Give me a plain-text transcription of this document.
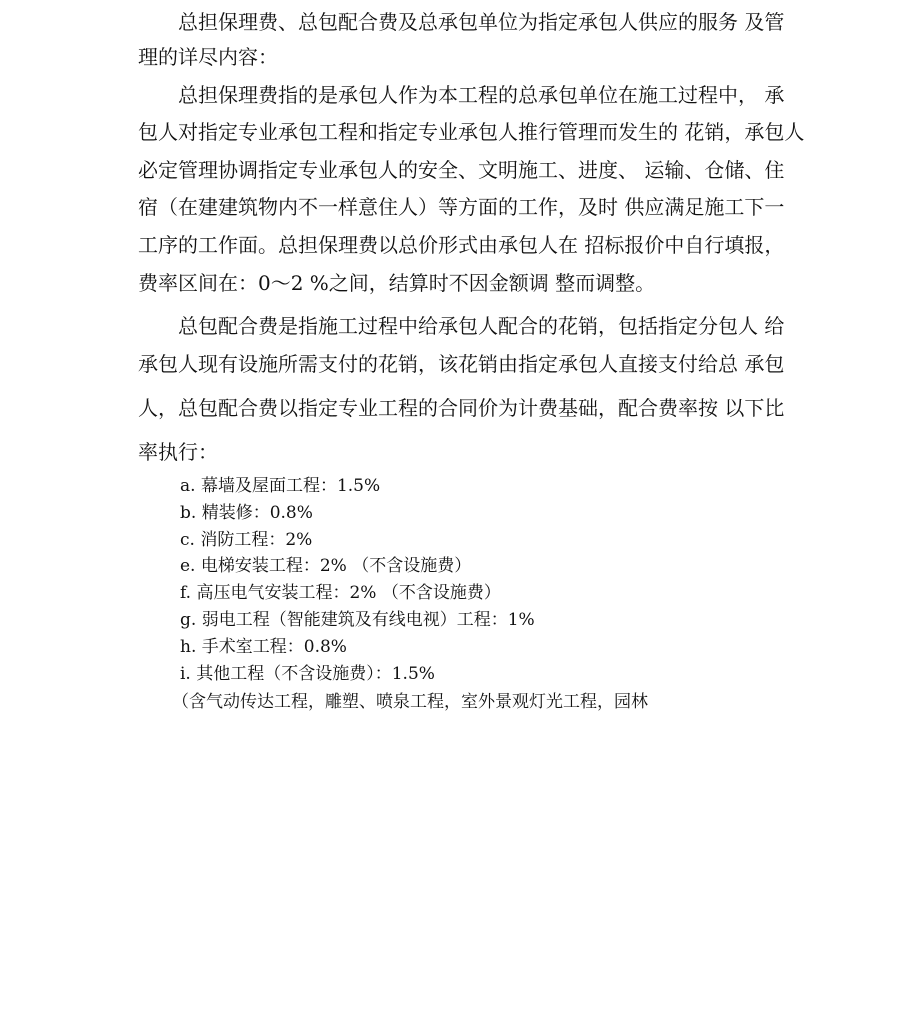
总担保理费、总包配合费及总承包单位为指定承包人供应的服务 及管
理的详尽内容：
总担保理费指的是承包人作为本工程的总承包单位在施工过程中， 承
包人对指定专业承包工程和指定专业承包人推行管理而发生的 花销，承包人
必定管理协调指定专业承包人的安全、文明施工、进度、 运输、仓储、住
宿（在建建筑物内不一样意住人）等方面的工作，及时 供应满足施工下一
工序的工作面。总担保理费以总价形式由承包人在 招标报价中自行填报，
费率区间在：0～2 %之间，结算时不因金额调 整而调整。
总包配合费是指施工过程中给承包人配合的花销，包括指定分包人 给
承包人现有设施所需支付的花销，该花销由指定承包人直接支付给总 承包
人，总包配合费以指定专业工程的合同价为计费基础，配合费率按 以下比
率执行：
a. 幕墙及屋面工程：1.5%
b. 精装修：0.8%
c. 消防工程：2%
e. 电梯安装工程：2% （不含设施费）
f. 高压电气安装工程：2% （不含设施费）
g. 弱电工程（智能建筑及有线电视）工程：1%
h. 手术室工程：0.8%
i. 其他工程（不含设施费）：1.5%
（含气动传达工程，雕塑、喷泉工程，室外景观灯光工程，园林
